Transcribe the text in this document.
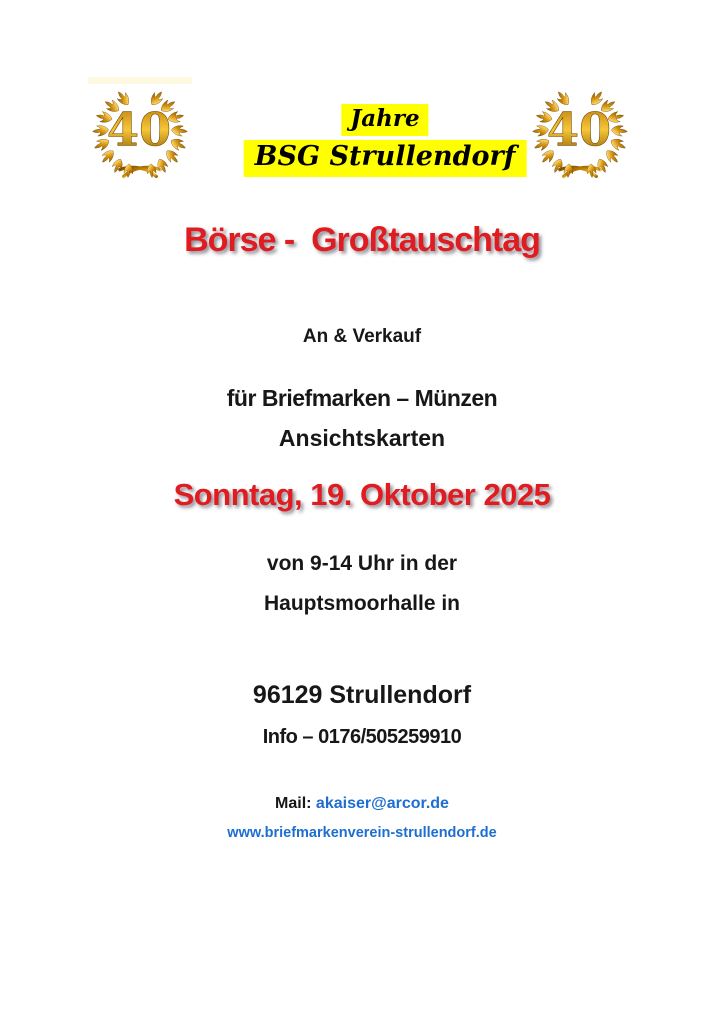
40	40
Jahre
BSG Strullendorf
Börse -  Großtauschtag
An & Verkauf
für Briefmarken – Münzen
Ansichtskarten
Sonntag, 19. Oktober 2025
von 9-14 Uhr in der
Hauptsmoorhalle in
96129 Strullendorf
Info – 0176/505259910
Mail: akaiser@arcor.de
www.briefmarkenverein-strullendorf.de
